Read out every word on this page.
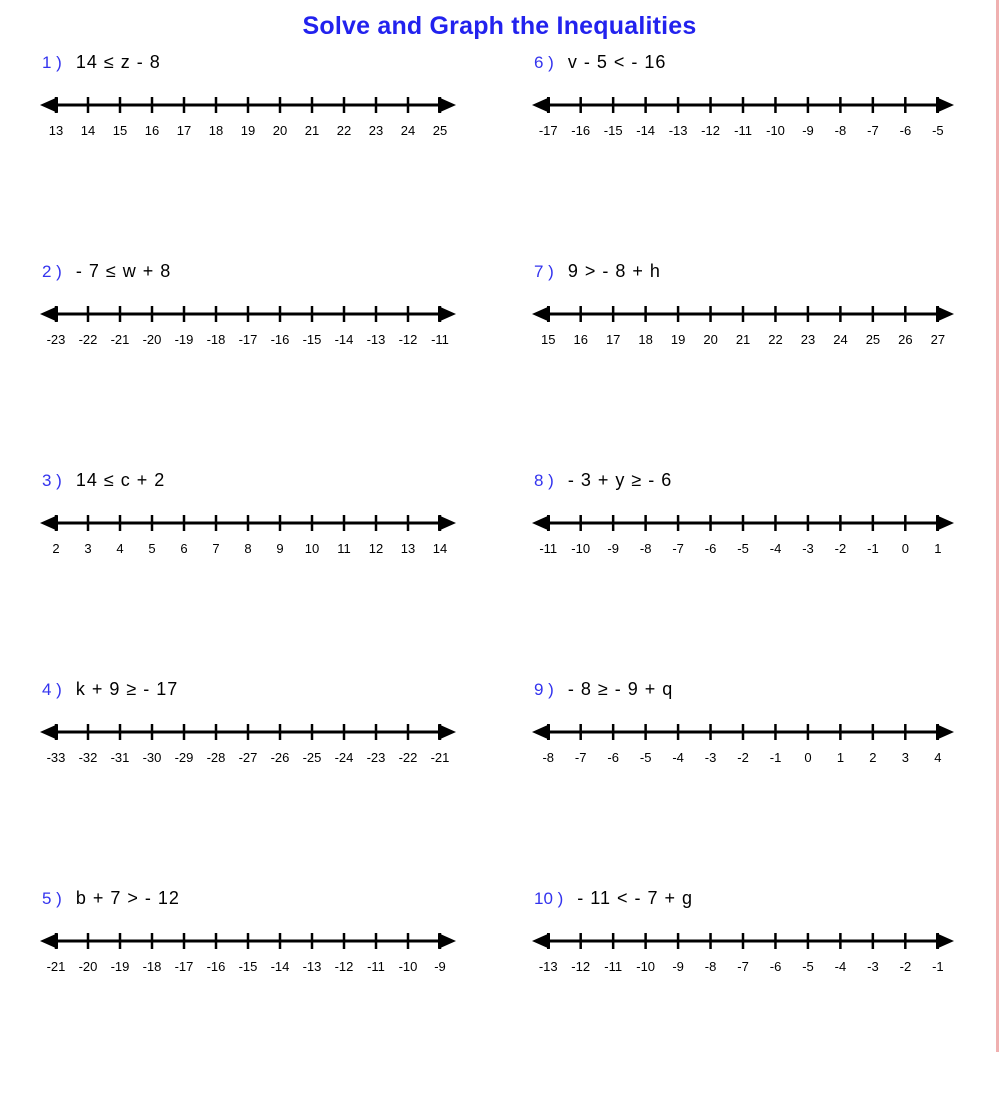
Solve and Graph the Inequalities
1 ) 14 ≤ z - 8
13	14	15	16	17	18	19	20	21	22	23	24	25
6 ) v - 5 < - 16
-17	-16	-15	-14	-13	-12	-11	-10	-9	-8	-7	-6	-5
2 ) - 7 ≤ w + 8
-23	-22	-21	-20	-19	-18	-17	-16	-15	-14	-13	-12	-11
7 ) 9 > - 8 + h
15	16	17	18	19	20	21	22	23	24	25	26	27
3 ) 14 ≤ c + 2
2	3	4	5	6	7	8	9	10	11	12	13	14
8 ) - 3 + y ≥ - 6
-11	-10	-9	-8	-7	-6	-5	-4	-3	-2	-1	0	1
4 ) k + 9 ≥ - 17
-33	-32	-31	-30	-29	-28	-27	-26	-25	-24	-23	-22	-21
9 ) - 8 ≥ - 9 + q
-8	-7	-6	-5	-4	-3	-2	-1	0	1	2	3	4
5 ) b + 7 > - 12
-21	-20	-19	-18	-17	-16	-15	-14	-13	-12	-11	-10	-9
10 ) - 11 < - 7 + g
-13	-12	-11	-10	-9	-8	-7	-6	-5	-4	-3	-2	-1
